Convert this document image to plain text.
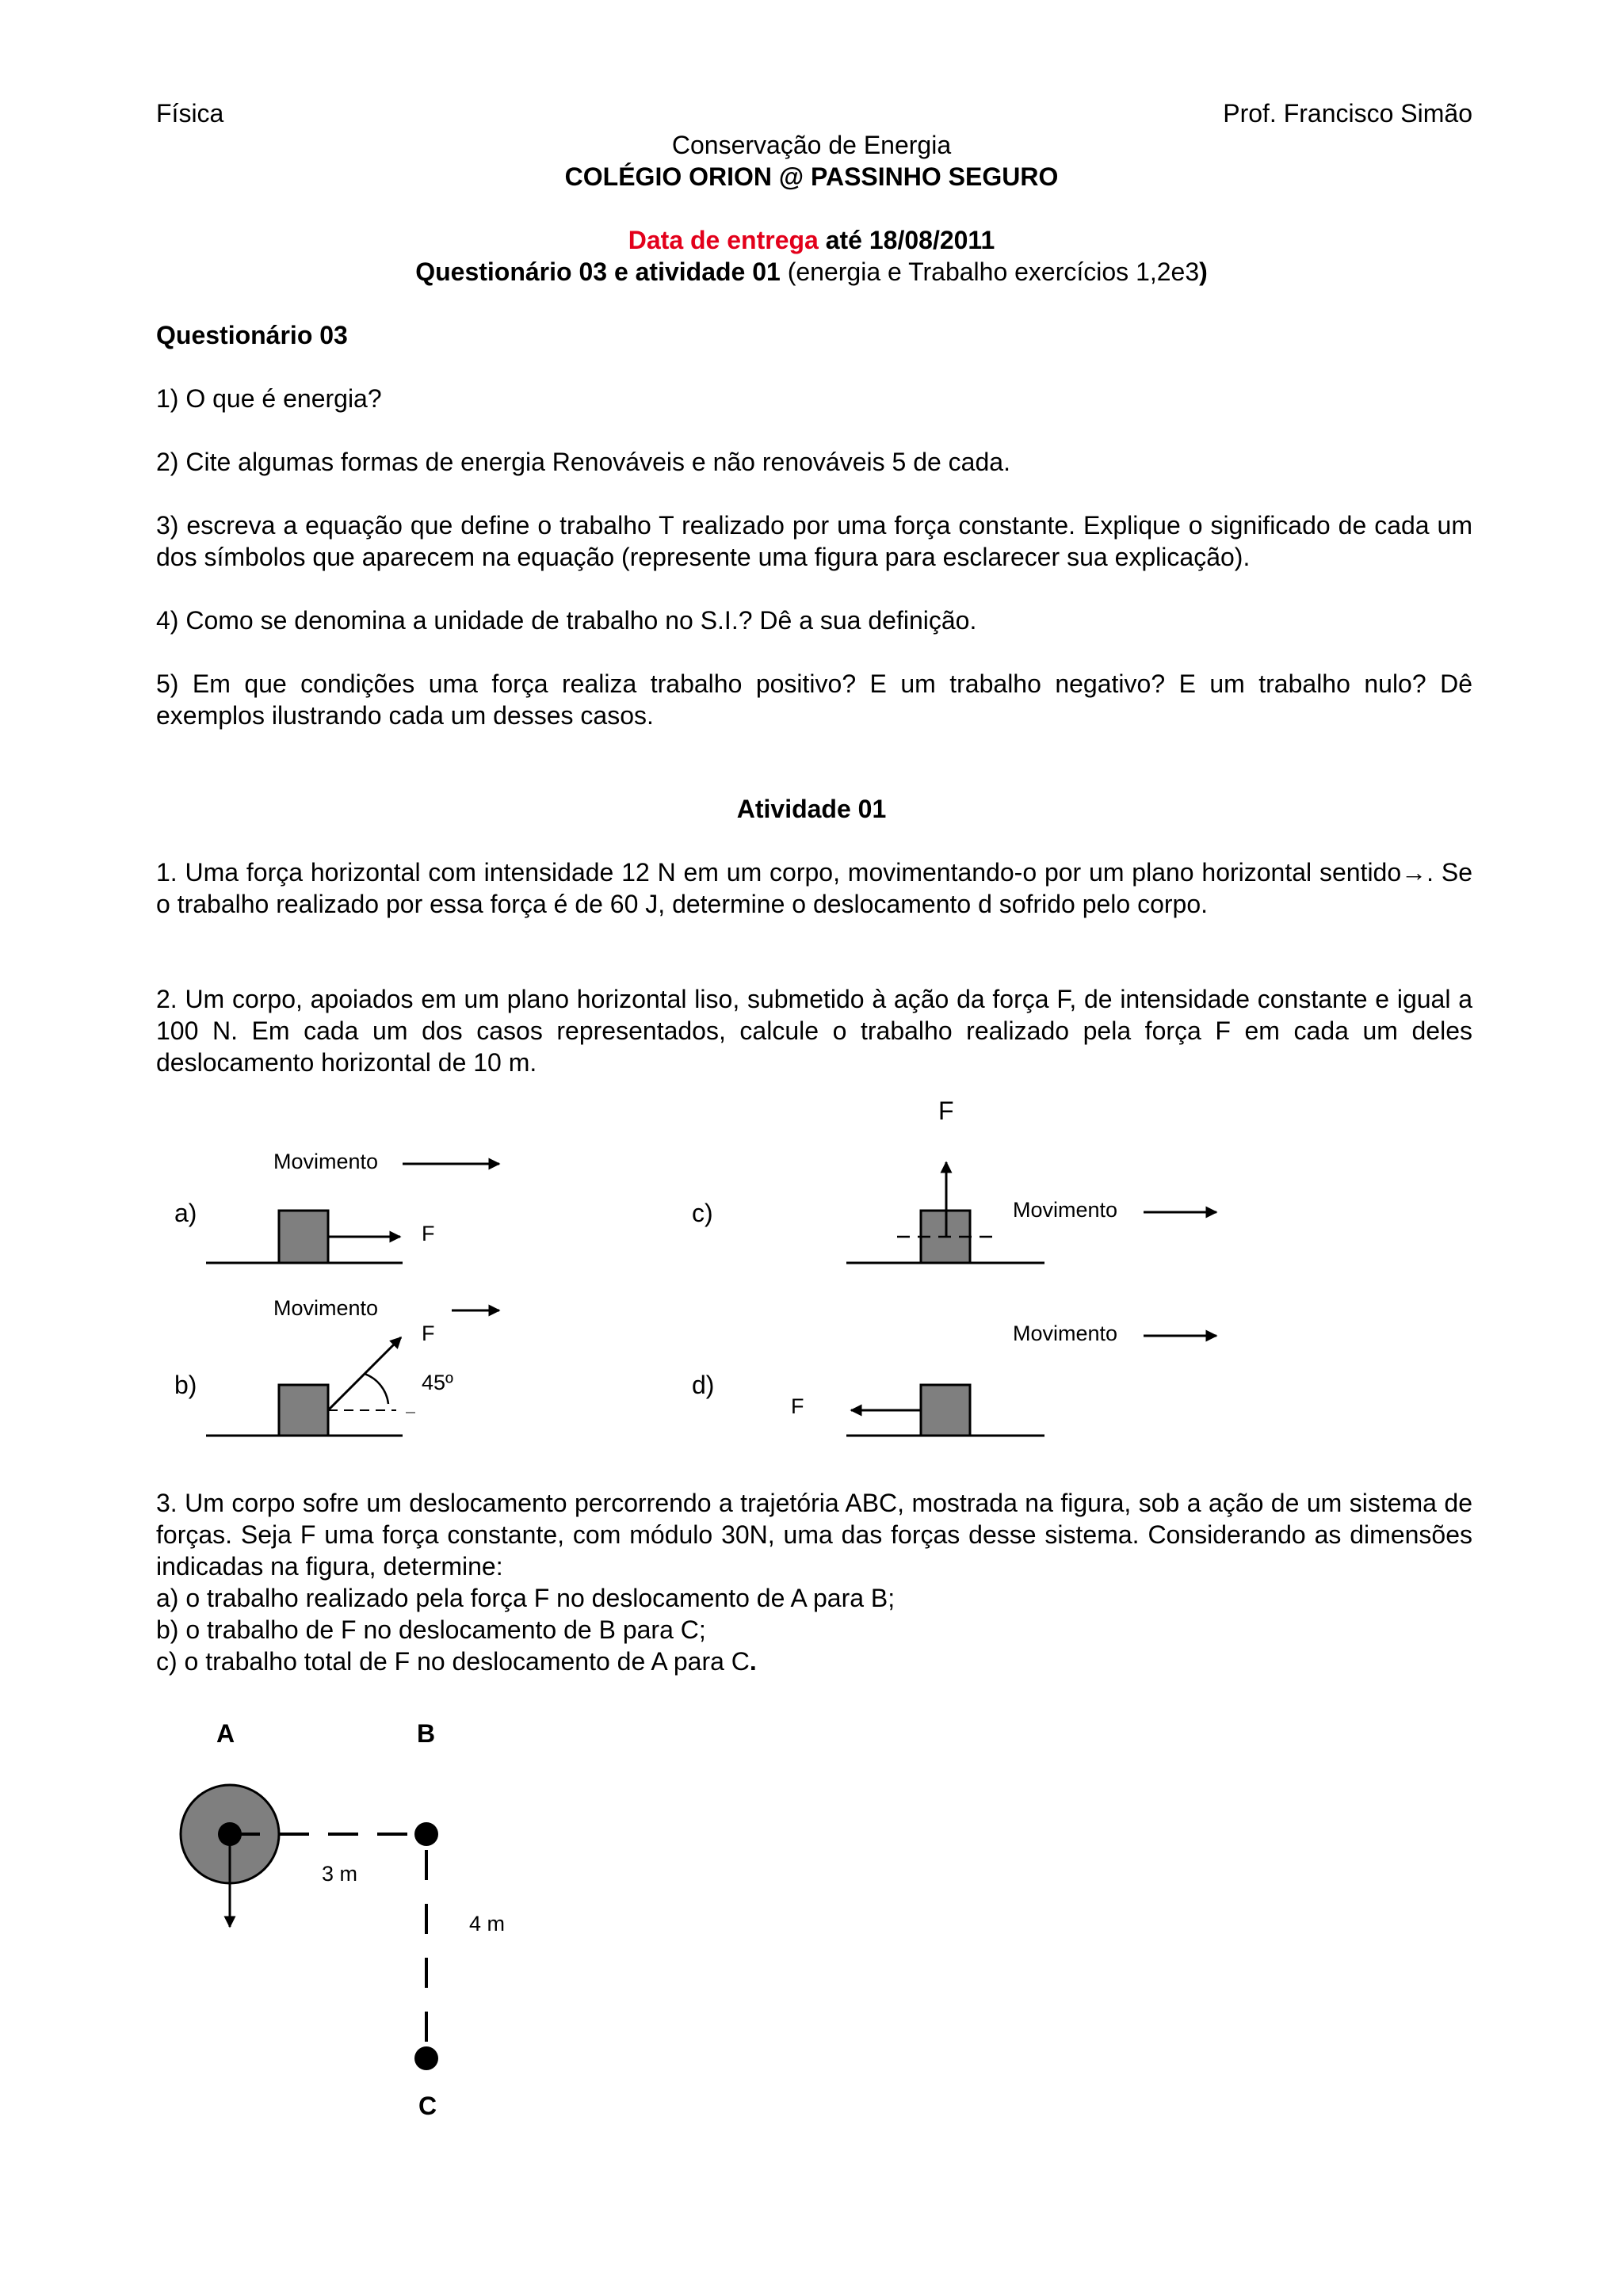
Física	Prof. Francisco Simão
Conservação de Energia
COLÉGIO ORION @ PASSINHO SEGURO
Data de entrega até 18/08/2011
Questionário 03 e atividade 01 (energia e Trabalho exercícios 1,2e3)
Questionário 03
1) O que é energia?
2) Cite algumas formas de energia Renováveis e não renováveis 5 de cada.
3) escreva a equação que define o trabalho T realizado por uma força constante. Explique o significado de cada um dos símbolos que aparecem na equação (represente uma figura para esclarecer sua explicação).
4) Como se denomina a unidade de trabalho no S.I.? Dê a sua definição.
5) Em que condições uma força realiza trabalho positivo? E um trabalho negativo? E um trabalho nulo? Dê exemplos ilustrando cada um desses casos.
Atividade 01
1. Uma força horizontal com intensidade 12 N em um corpo, movimentando-o por um plano horizontal sentido→. Se o trabalho realizado por essa força é de 60 J, determine o deslocamento d sofrido pelo corpo.
2. Um corpo, apoiados em um plano horizontal liso, submetido à ação da força F, de intensidade constante e igual a 100 N. Em cada um dos casos representados, calcule o trabalho realizado pela força F em cada um deles deslocamento horizontal de 10 m.
a)
b)
c)
d)
Movimento
Movimento
Movimento
Movimento
F
F
F
F
45º
3. Um corpo sofre um deslocamento percorrendo a trajetória ABC, mostrada na figura, sob a ação de um sistema de forças. Seja F uma força constante, com módulo 30N, uma das forças desse sistema. Considerando as dimensões indicadas na figura, determine:
a) o trabalho realizado pela força F no deslocamento de A para B;
b) o trabalho de F no deslocamento de B para C;
c) o trabalho total de F no deslocamento de A para C.
A	B
C
3 m
4 m
